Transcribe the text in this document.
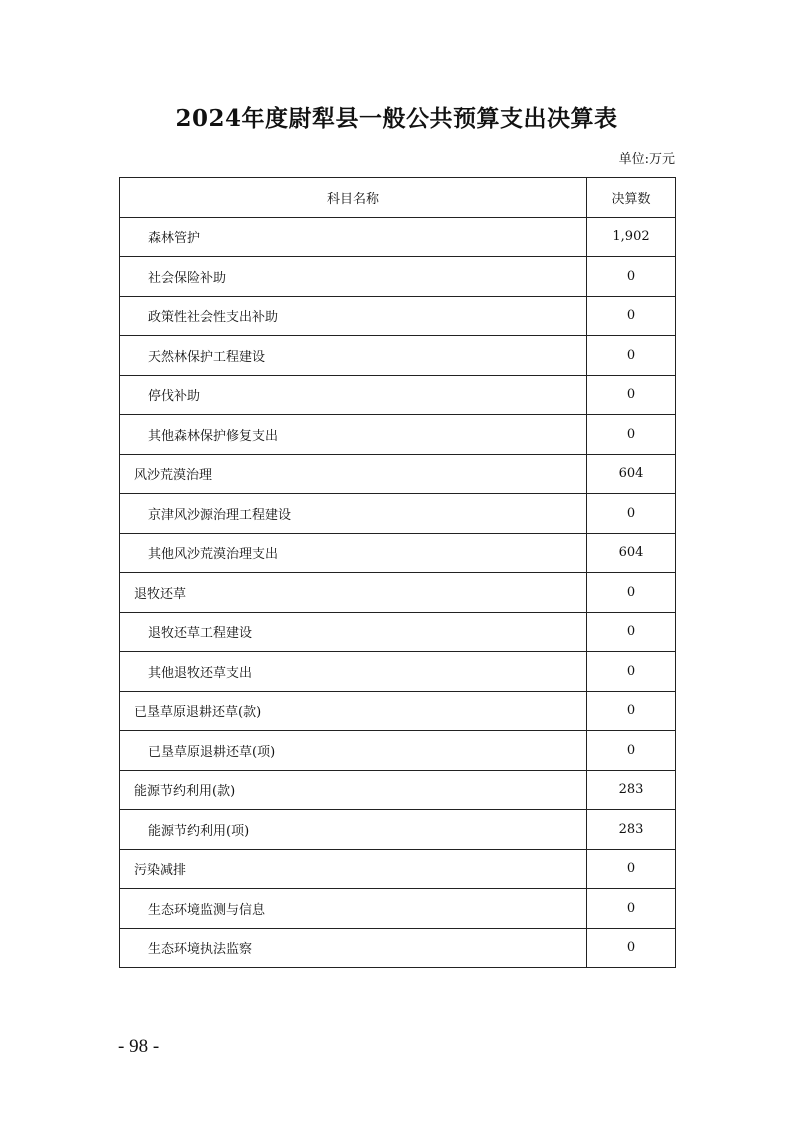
2024年度尉犁县一般公共预算支出决算表
单位:万元
科目名称	决算数
森林管护	1,902
社会保险补助	0
政策性社会性支出补助	0
天然林保护工程建设	0
停伐补助	0
其他森林保护修复支出	0
风沙荒漠治理	604
京津风沙源治理工程建设	0
其他风沙荒漠治理支出	604
退牧还草	0
退牧还草工程建设	0
其他退牧还草支出	0
已垦草原退耕还草(款)	0
已垦草原退耕还草(项)	0
能源节约利用(款)	283
能源节约利用(项)	283
污染减排	0
生态环境监测与信息	0
生态环境执法监察	0
- 98 -
